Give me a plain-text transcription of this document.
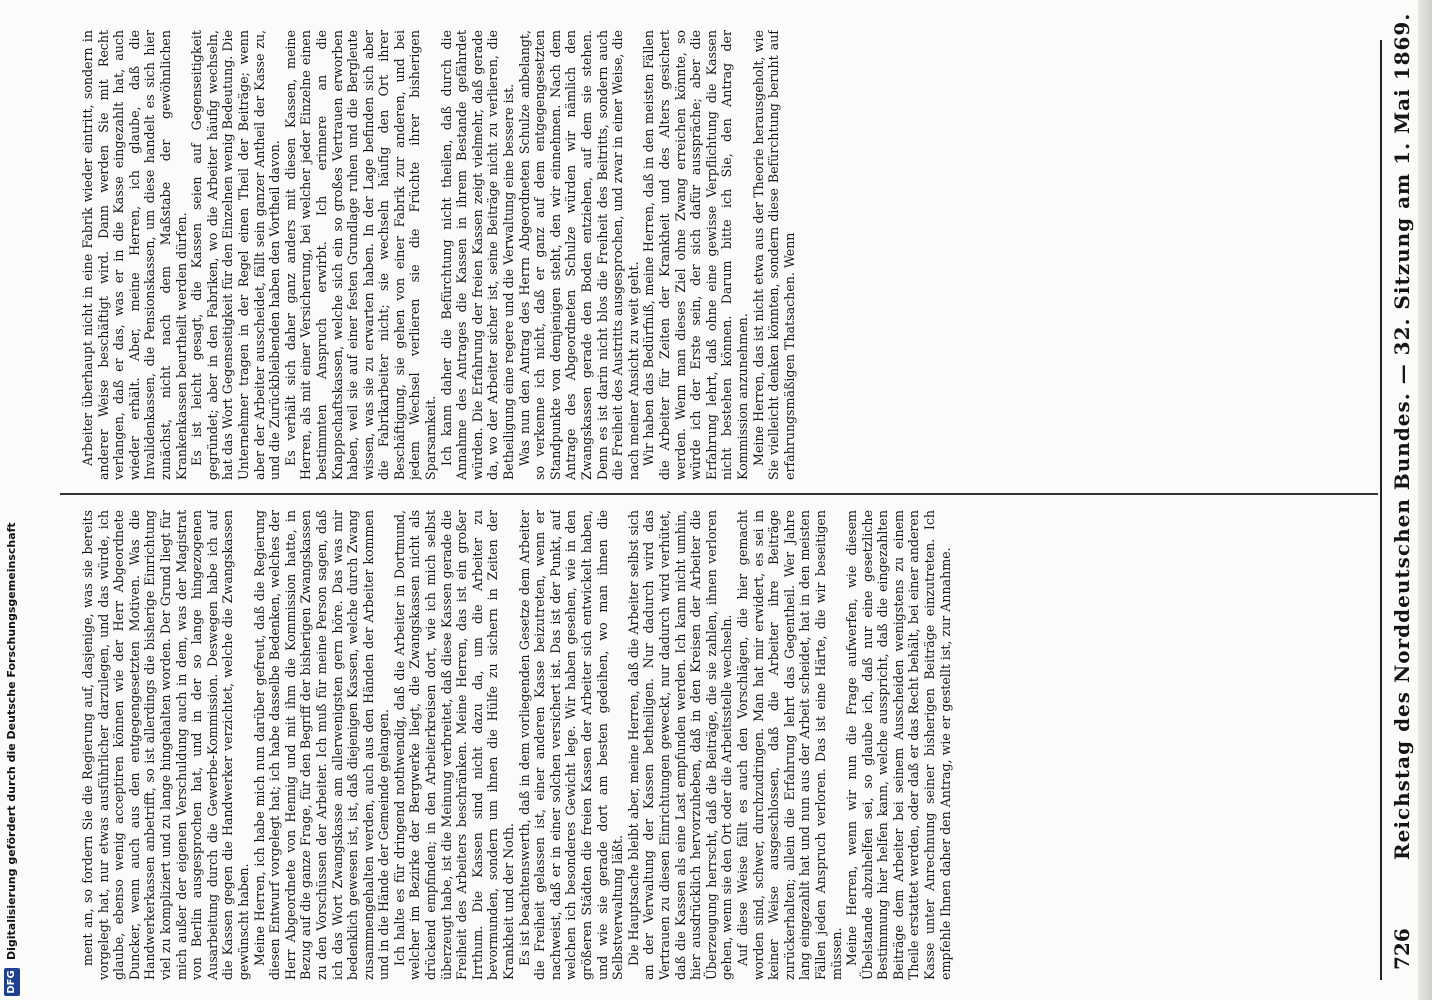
DFG
Digitalisierung gefördert durch die Deutsche Forschungsgemeinschaft	726
Reichstag des Norddeutschen Bundes. — 32. Sitzung am 1. Mai 1869.

ment an, so fordern Sie die Regierung auf, dasjenige, was sie bereits vorgelegt hat, nur etwas ausführlicher darzulegen, und das würde, ich glaube, ebenso wenig acceptiren können wie der Herr Abgeordnete Duncker, wenn auch aus den entgegengesetzten Motiven. Was die Handwerkerkassen anbetrifft, so ist allerdings die bisherige Einrichtung viel zu kompliziert und zu lange hingehalten worden. Der Grund liegt für mich außer der eigenen Verschuldung auch in dem, was der Magistrat von Berlin ausgesprochen hat, und in der so lange hingezogenen Ausarbeitung durch die Gewerbe-Kommission. Deswegen habe ich auf die Kassen gegen die Handwerker verzichtet, welche die Zwangskassen gewünscht haben. Meine Herren, ich habe mich nun darüber gefreut, daß die Regierung diesen Entwurf vorgelegt hat; ich habe dasselbe Bedenken, welches der Herr Abgeordnete von Hennig und mit ihm die Kommission hatte, in Bezug auf die ganze Frage, für den Begriff der bisherigen Zwangskassen zu den Vorschüssen der Arbeiter. Ich muß für meine Person sagen, daß ich das Wort Zwangskasse am allerwenigsten gern höre. Das was mir bedenklich gewesen ist, ist, daß diejenigen Kassen, welche durch Zwang zusammengehalten werden, auch aus den Händen der Arbeiter kommen und in die Hände der Gemeinde gelangen. Ich halte es für dringend nothwendig, daß die Arbeiter in Dortmund, welcher im Bezirke der Bergwerke liegt, die Zwangskassen nicht als drückend empfinden; in den Arbeiterkreisen dort, wie ich mich selbst überzeugt habe, ist die Meinung verbreitet, daß diese Kassen gerade die Freiheit des Arbeiters beschränken. Meine Herren, das ist ein großer Irrthum. Die Kassen sind nicht dazu da, um die Arbeiter zu bevormunden, sondern um ihnen die Hülfe zu sichern in Zeiten der Krankheit und der Noth. Es ist beachtenswerth, daß in dem vorliegenden Gesetze dem Arbeiter die Freiheit gelassen ist, einer anderen Kasse beizutreten, wenn er nachweist, daß er in einer solchen versichert ist. Das ist der Punkt, auf welchen ich besonderes Gewicht lege. Wir haben gesehen, wie in den größeren Städten die freien Kassen der Arbeiter sich entwickelt haben, und wie sie gerade dort am besten gedeihen, wo man ihnen die Selbstverwaltung läßt. Die Hauptsache bleibt aber, meine Herren, daß die Arbeiter selbst sich an der Verwaltung der Kassen betheiligen. Nur dadurch wird das Vertrauen zu diesen Einrichtungen geweckt, nur dadurch wird verhütet, daß die Kassen als eine Last empfunden werden. Ich kann nicht umhin, hier ausdrücklich hervorzuheben, daß in den Kreisen der Arbeiter die Überzeugung herrscht, daß die Beiträge, die sie zahlen, ihnen verloren gehen, wenn sie den Ort oder die Arbeitsstelle wechseln. Auf diese Weise fällt es auch den Vorschlägen, die hier gemacht worden sind, schwer, durchzudringen. Man hat mir erwidert, es sei in keiner Weise ausgeschlossen, daß die Arbeiter ihre Beiträge zurückerhalten; allein die Erfahrung lehrt das Gegentheil. Wer Jahre lang eingezahlt hat und nun aus der Arbeit scheidet, hat in den meisten Fällen jeden Anspruch verloren. Das ist eine Härte, die wir beseitigen müssen. Meine Herren, wenn wir nun die Frage aufwerfen, wie diesem Übelstande abzuhelfen sei, so glaube ich, daß nur eine gesetzliche Bestimmung hier helfen kann, welche ausspricht, daß die eingezahlten Beiträge dem Arbeiter bei seinem Ausscheiden wenigstens zu einem Theile erstattet werden, oder daß er das Recht behält, bei einer anderen Kasse unter Anrechnung seiner bisherigen Beiträge einzutreten. Ich empfehle Ihnen daher den Antrag, wie er gestellt ist, zur Annahme.

Arbeiter überhaupt nicht in eine Fabrik wieder eintritt, sondern in anderer Weise beschäftigt wird. Dann werden Sie mit Recht verlangen, daß er das, was er in die Kasse eingezahlt hat, auch wieder erhält. Aber, meine Herren, ich glaube, daß die Invalidenkassen, die Pensionskassen, um diese handelt es sich hier zunächst, nicht nach dem Maßstabe der gewöhnlichen Krankenkassen beurtheilt werden dürfen. Es ist leicht gesagt, die Kassen seien auf Gegenseitigkeit gegründet; aber in den Fabriken, wo die Arbeiter häufig wechseln, hat das Wort Gegenseitigkeit für den Einzelnen wenig Bedeutung. Die Unternehmer tragen in der Regel einen Theil der Beiträge; wenn aber der Arbeiter ausscheidet, fällt sein ganzer Antheil der Kasse zu, und die Zurückbleibenden haben den Vortheil davon. Es verhält sich daher ganz anders mit diesen Kassen, meine Herren, als mit einer Versicherung, bei welcher jeder Einzelne einen bestimmten Anspruch erwirbt. Ich erinnere an die Knappschaftskassen, welche sich ein so großes Vertrauen erworben haben, weil sie auf einer festen Grundlage ruhen und die Bergleute wissen, was sie zu erwarten haben. In der Lage befinden sich aber die Fabrikarbeiter nicht; sie wechseln häufig den Ort ihrer Beschäftigung, sie gehen von einer Fabrik zur anderen, und bei jedem Wechsel verlieren sie die Früchte ihrer bisherigen Sparsamkeit. Ich kann daher die Befürchtung nicht theilen, daß durch die Annahme des Antrages die Kassen in ihrem Bestande gefährdet würden. Die Erfahrung der freien Kassen zeigt vielmehr, daß gerade da, wo der Arbeiter sicher ist, seine Beiträge nicht zu verlieren, die Betheiligung eine regere und die Verwaltung eine bessere ist. Was nun den Antrag des Herrn Abgeordneten Schulze anbelangt, so verkenne ich nicht, daß er ganz auf dem entgegengesetzten Standpunkte von demjenigen steht, den wir einnehmen. Nach dem Antrage des Abgeordneten Schulze würden wir nämlich den Zwangskassen gerade den Boden entziehen, auf dem sie stehen. Denn es ist darin nicht blos die Freiheit des Beitritts, sondern auch die Freiheit des Austritts ausgesprochen, und zwar in einer Weise, die nach meiner Ansicht zu weit geht. Wir haben das Bedürfniß, meine Herren, daß in den meisten Fällen die Arbeiter für Zeiten der Krankheit und des Alters gesichert werden. Wenn man dieses Ziel ohne Zwang erreichen könnte, so würde ich der Erste sein, der sich dafür ausspräche; aber die Erfahrung lehrt, daß ohne eine gewisse Verpflichtung die Kassen nicht bestehen können. Darum bitte ich Sie, den Antrag der Kommission anzunehmen. Meine Herren, das ist nicht etwa aus der Theorie herausgeholt, wie Sie vielleicht denken könnten, sondern diese Befürchtung beruht auf erfahrungsmäßigen Thatsachen. Wenn
